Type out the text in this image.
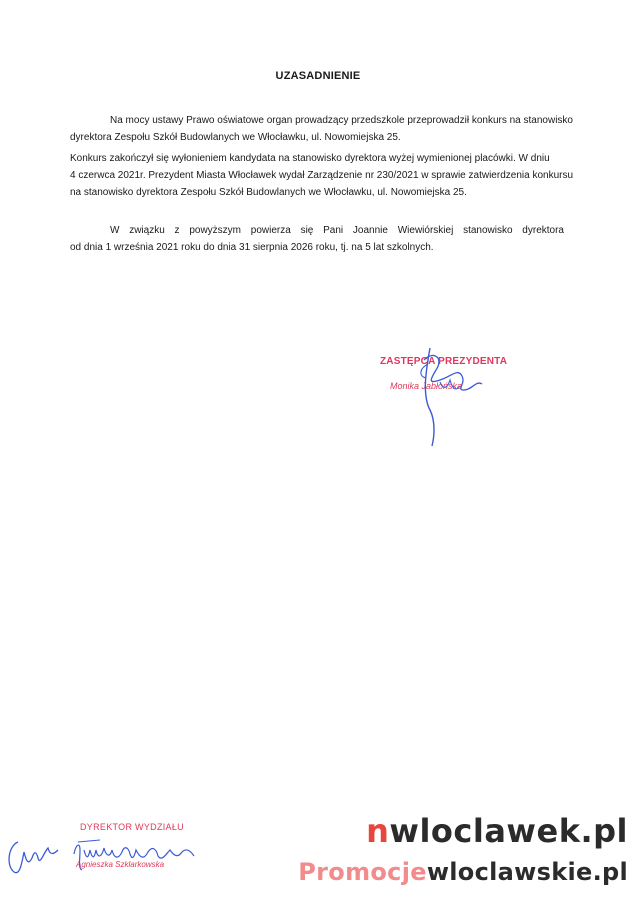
UZASADNIENIE
Na mocy ustawy Prawo oświatowe organ prowadzący przedszkole przeprowadził konkurs na stanowisko
dyrektora Zespołu Szkół Budowlanych we Włocławku, ul. Nowomiejska 25.
Konkurs zakończył się wyłonieniem kandydata na stanowisko dyrektora wyżej wymienionej placówki. W dniu
4 czerwca 2021r. Prezydent Miasta Włocławek wydał Zarządzenie nr 230/2021 w sprawie zatwierdzenia konkursu
na stanowisko dyrektora Zespołu Szkół Budowlanych we Włocławku, ul. Nowomiejska 25.
W związku z powyższym powierza się Pani Joannie Wiewiórskiej stanowisko dyrektora
od dnia 1 września 2021 roku do dnia 31 sierpnia 2026 roku, tj. na 5 lat szkolnych.
ZASTĘPCA PREZYDENTA
Monika Jabłońska
DYREKTOR WYDZIAŁU
Agnieszka Szklarkowska
nwloclawek.pl
Promocjewloclawskie.pl
